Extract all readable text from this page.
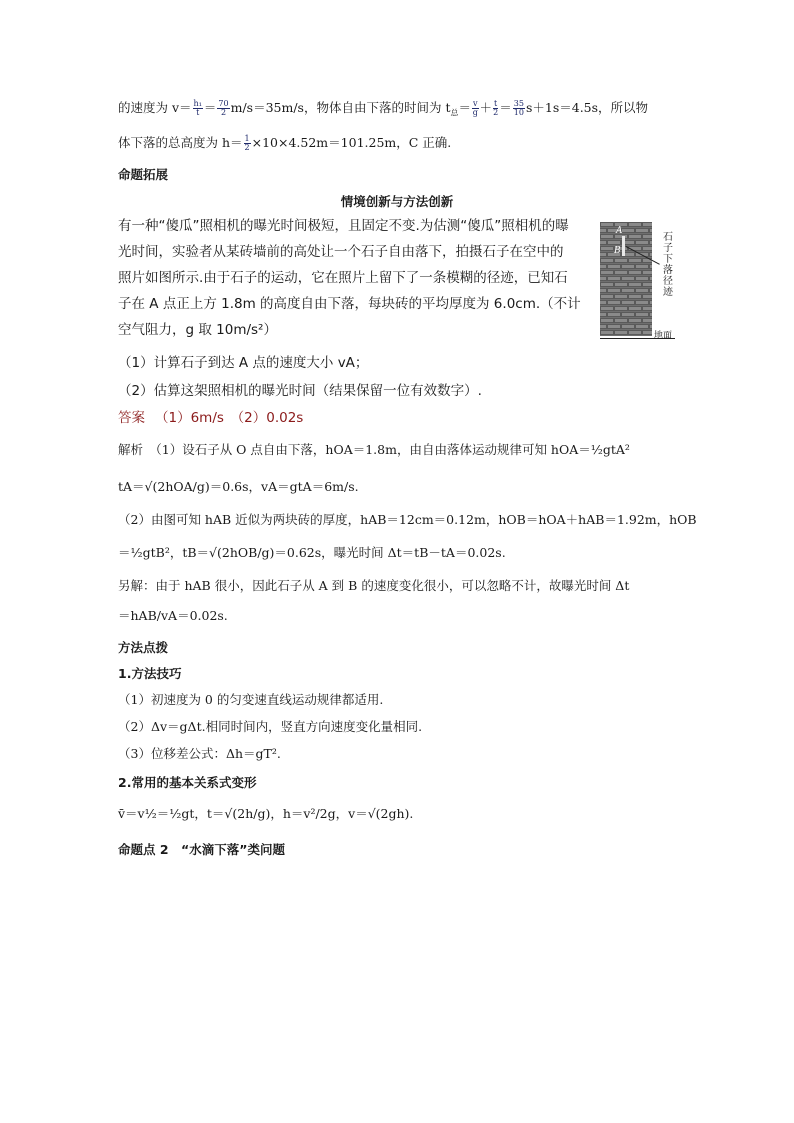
的速度为 $v= \frac{\text{h₁}}{t} = \frac{70}{2} m/s=35m/s$，物体自由下落的时间为 $t_总= \frac{v}{g} + \frac{t}{2} = \frac{35}{10} s+1s=4.5s$，所以物
体下落的总高度为 $h= \frac{1}{2} \times 10\times 4.52m=101.25m$，C 正确.
命题拓展
情境创新与方法创新
有一种“傻瓜”照相机的曝光时间极短，且固定不变.为估测“傻瓜”照相机的曝
光时间，实验者从某砖墙前的高处让一个石子自由落下，拍摄石子在空中的
照片如图所示.由于石子的运动，它在照片上留下了一条模糊的径迹，已知石
子在 A 点正上方 1.8m 的高度自由下落，每块砖的平均厚度为 6.0cm.（不计
空气阻力，g 取 10m/s²）
（1）计算石子到达 A 点的速度大小 vA；
（2）估算这架照相机的曝光时间（结果保留一位有效数字）.
A
B
石子下落径迹
地面
答案 （1）6m/s　（2）0.02s
解析　（1）设石子从 O 点自由下落，hOA＝1.8m，由自由落体运动规律可知 hOA＝½gtA²
tA＝√(2hOA/g)＝0.6s，vA＝gtA＝6m/s.
（2）由图可知 hAB 近似为两块砖的厚度，hAB＝12cm＝0.12m，hOB＝hOA＋hAB＝1.92m，hOB
＝½gtB²，tB＝√(2hOB/g)＝0.62s，曝光时间 Δt＝tB－tA＝0.02s.
另解：由于 hAB 很小，因此石子从 A 到 B 的速度变化很小，可以忽略不计，故曝光时间 Δt
＝hAB/vA＝0.02s.
方法点拨
1.方法技巧
（1）初速度为 0 的匀变速直线运动规律都适用.
（2）Δv＝gΔt.相同时间内，竖直方向速度变化量相同.
（3）位移差公式：Δh＝gT².
2.常用的基本关系式变形
v̄＝v½＝½gt，t＝√(2h/g)，h＝v²/2g，v＝√(2gh).
命题点 2　“水滴下落”类问题
